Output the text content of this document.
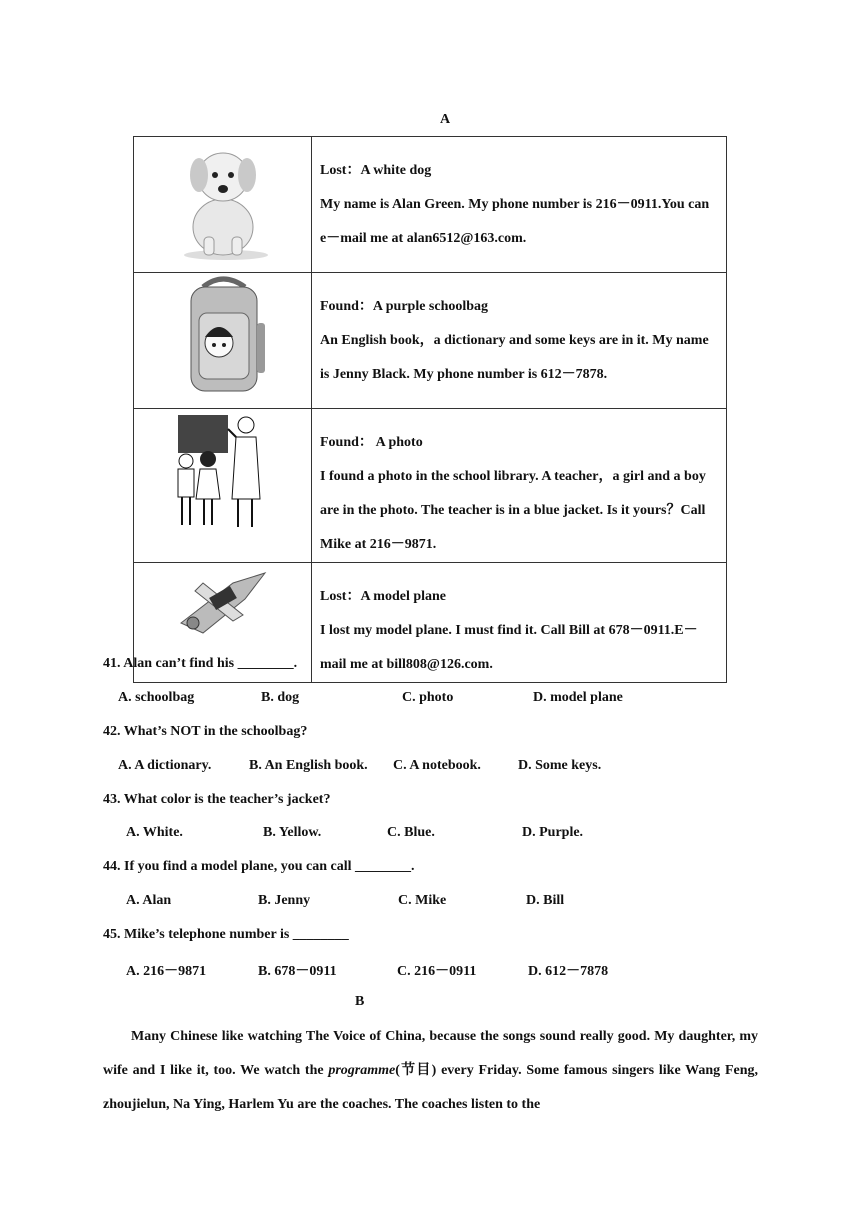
A

Lost：A white dog

My name is Alan Green. My phone number is 216－0911.You can e－mail me at alan6512@163.com.

Found：A purple schoolbag

An English book，a dictionary and some keys are in it. My name is Jenny Black. My phone number is 612－7878.

Found： A photo

I found a photo in the school library. A teacher，a girl and a boy are in the photo. The teacher is in a blue jacket. Is it yours？Call Mike at 216－9871.

Lost：A model plane

I lost my model plane. I must find it. Call Bill at 678－0911.E－mail me at bill808@126.com.

41. Alan can’t find his ________.
A. schoolbag	B. dog	C. photo	D. model plane
42. What’s NOT in the schoolbag?
A. A dictionary.	B. An English book. C. A notebook.	D. Some keys.
43. What color is the teacher’s jacket?
A. White.	B. Yellow.	C. Blue.	D. Purple.
44. If you find a model plane, you can call ________.
A. Alan	B. Jenny	C. Mike	D. Bill
45. Mike’s telephone number is ________
A. 216－9871	B. 678－0911	C. 216－0911	D. 612－7878
B
Many Chinese like watching The Voice of China, because the songs sound really good. My daughter, my wife and I like it, too. We watch the programme(节目) every Friday. Some famous singers like Wang Feng, zhoujielun, Na Ying, Harlem Yu are the coaches. The coaches listen to the
